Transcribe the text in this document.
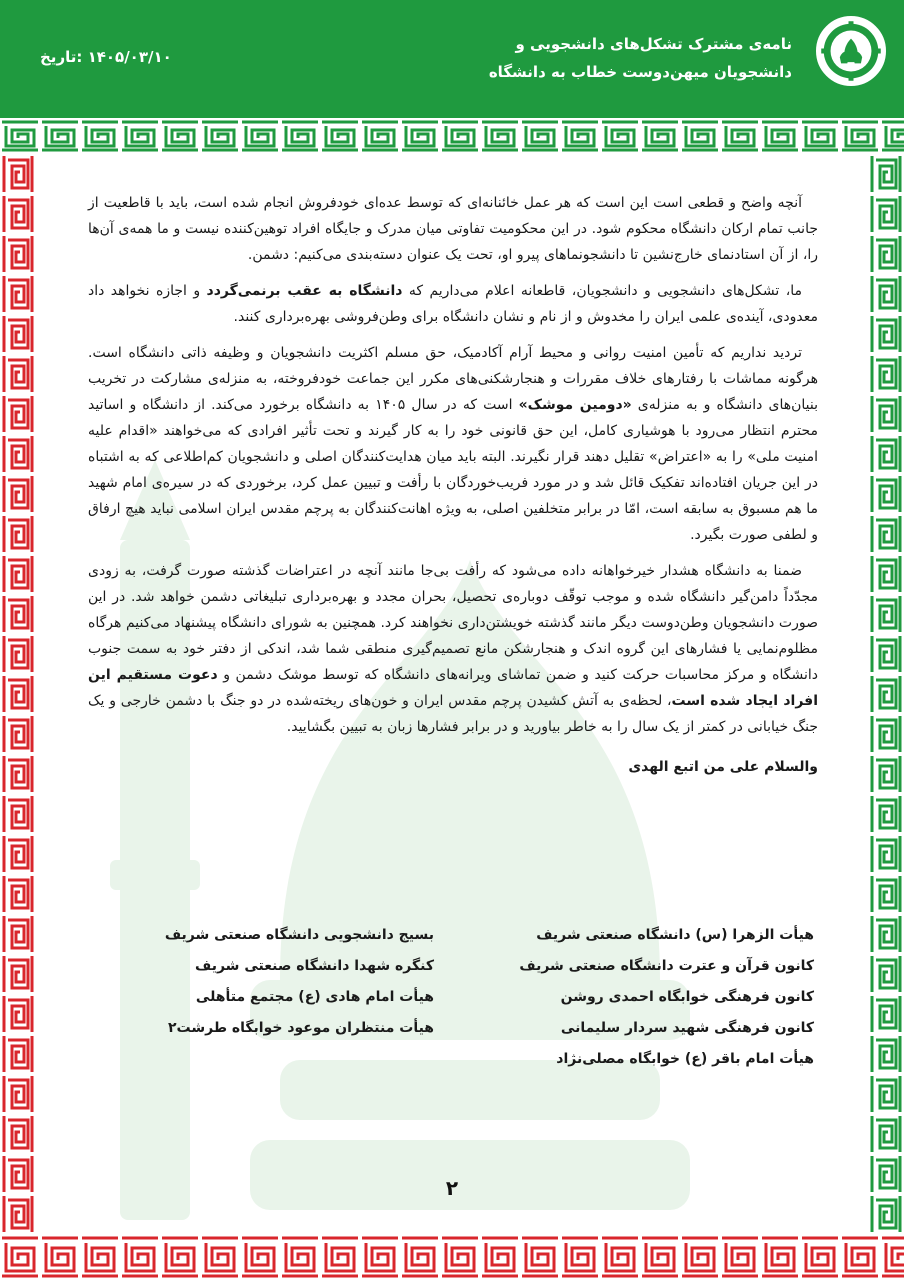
نامه‌ی مشترک تشکل‌های دانشجویی و
دانشجویان میهن‌دوست خطاب به دانشگاه
تاریخ: ۱۴۰۵/۰۳/۱۰

آنچه واضح و قطعی است این است که هر عمل خائنانه‌ای که توسط عده‌ای خودفروش انجام شده است، باید با قاطعیت از جانب تمام ارکان دانشگاه محکوم شود. در این محکومیت تفاوتی میان مدرک و جایگاه افراد توهین‌کننده نیست و ما همه‌ی آن‌ها را، از آن استادنمای خارج‌نشین تا دانشجونماهای پیرو او، تحت یک عنوان دسته‌بندی می‌کنیم: دشمن.

ما، تشکل‌های دانشجویی و دانشجویان، قاطعانه اعلام می‌داریم که دانشگاه به عقب برنمی‌گردد و اجازه نخواهد داد معدودی، آینده‌ی علمی ایران را مخدوش و از نام و نشان دانشگاه برای وطن‌فروشی بهره‌برداری کنند.

تردید نداریم که تأمین امنیت روانی و محیط آرام آکادمیک، حق مسلم اکثریت دانشجویان و وظیفه ذاتی دانشگاه است. هرگونه مماشات با رفتارهای خلاف مقررات و هنجارشکنی‌های مکرر این جماعت خودفروخته، به منزله‌ی مشارکت در تخریب بنیان‌های دانشگاه و به منزله‌ی «دومین موشک» است که در سال ۱۴۰۵ به دانشگاه برخورد می‌کند. از دانشگاه و اساتید محترم انتظار می‌رود با هوشیاری کامل، این حق قانونی خود را به کار گیرند و تحت تأثیر افرادی که می‌خواهند «اقدام علیه امنیت ملی» را به «اعتراض» تقلیل دهند قرار نگیرند. البته باید میان هدایت‌کنندگان اصلی و دانشجویان کم‌اطلاعی که به اشتباه در این جریان افتاده‌اند تفکیک قائل شد و در مورد فریب‌خوردگان با رأفت و تبیین عمل کرد، برخوردی که در سیره‌ی امام شهید ما هم مسبوق به سابقه است، امّا در برابر متخلفین اصلی، به ویژه اهانت‌کنندگان به پرچم مقدس ایران اسلامی نباید هیچ ارفاق و لطفی صورت بگیرد.

ضمنا به دانشگاه هشدار خیرخواهانه داده می‌شود که رأفت بی‌جا مانند آنچه در اعتراضات گذشته صورت گرفت، به زودی مجدّداً دامن‌گیر دانشگاه شده و موجب توقّف دوباره‌ی تحصیل، بحران مجدد و بهره‌برداری تبلیغاتی دشمن خواهد شد. در این صورت دانشجویان وطن‌دوست دیگر مانند گذشته خویشتن‌داری نخواهند کرد. همچنین به شورای دانشگاه پیشنهاد می‌کنیم هرگاه مظلوم‌نمایی یا فشارهای این گروه اندک و هنجارشکن مانع تصمیم‌گیری منطقی شما شد، اندکی از دفتر خود به سمت جنوب دانشگاه و مرکز محاسبات حرکت کنید و ضمن تماشای ویرانه‌های دانشگاه که توسط موشک دشمن و دعوت مستقیم این افراد ایجاد شده است، لحظه‌ی به آتش کشیدن پرچم مقدس ایران و خون‌های ریخته‌شده در دو جنگ با دشمن خارجی و یک جنگ خیابانی در کمتر از یک سال را به خاطر بیاورید و در برابر فشارها زبان به تبیین بگشایید.

والسلام علی من اتبع الهدی
هیأت الزهرا (س) دانشگاه صنعتی شریف
کانون قرآن و عترت دانشگاه صنعتی شریف
کانون فرهنگی خوابگاه احمدی روشن
کانون فرهنگی شهید سردار سلیمانی
هیأت امام باقر (ع) خوابگاه مصلی‌نژاد
بسیج دانشجویی دانشگاه صنعتی شریف
کنگره شهدا دانشگاه صنعتی شریف
هیأت امام هادی (ع) مجتمع متأهلی
هیأت منتظران موعود خوابگاه طرشت۲
۲
